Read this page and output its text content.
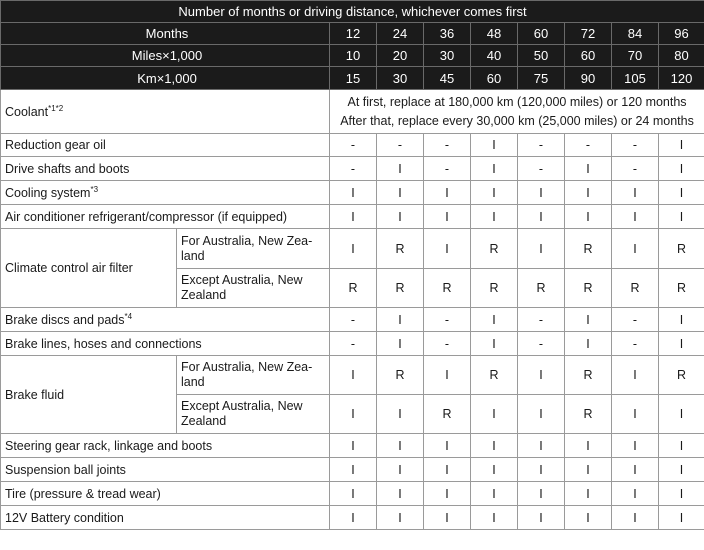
Number of months or driving distance, whichever comes first									
Months		12	24	36	48	60	72	84	96
Miles×1,000		10	20	30	40	50	60	70	80
Km×1,000		15	30	45	60	75	90	105	120
Coolant$^{*1*2}$		At first, replace at 180,000 km (120,000 miles) or 120 months
After that, replace every 30,000 km (25,000 miles) or 24 months							

Reduction gear oil		-	-	-	I	-	-	-	I
Drive shafts and boots		-	I	-	I	-	I	-	I
Cooling system$^{*3}$		I	I	I	I	I	I	I	I
Air conditioner refrigerant/compressor (if equipped)		I	I	I	I	I	I	I	I
Climate control air filter	For Australia, New Zea-
land	I	R	I	R	I	R	I	R
	Except Australia, New
Zealand	R	R	R	R	R	R	R	R
Brake discs and pads$^{*4}$		-	I	-	I	-	I	-	I
Brake lines, hoses and connections		-	I	-	I	-	I	-	I
Brake fluid	For Australia, New Zea-
land	I	R	I	R	I	R	I	R
	Except Australia, New
Zealand	I	I	R	I	I	R	I	I
Steering gear rack, linkage and boots		I	I	I	I	I	I	I	I
Suspension ball joints		I	I	I	I	I	I	I	I
Tire (pressure & tread wear)		I	I	I	I	I	I	I	I
12V Battery condition		I	I	I	I	I	I	I	I
